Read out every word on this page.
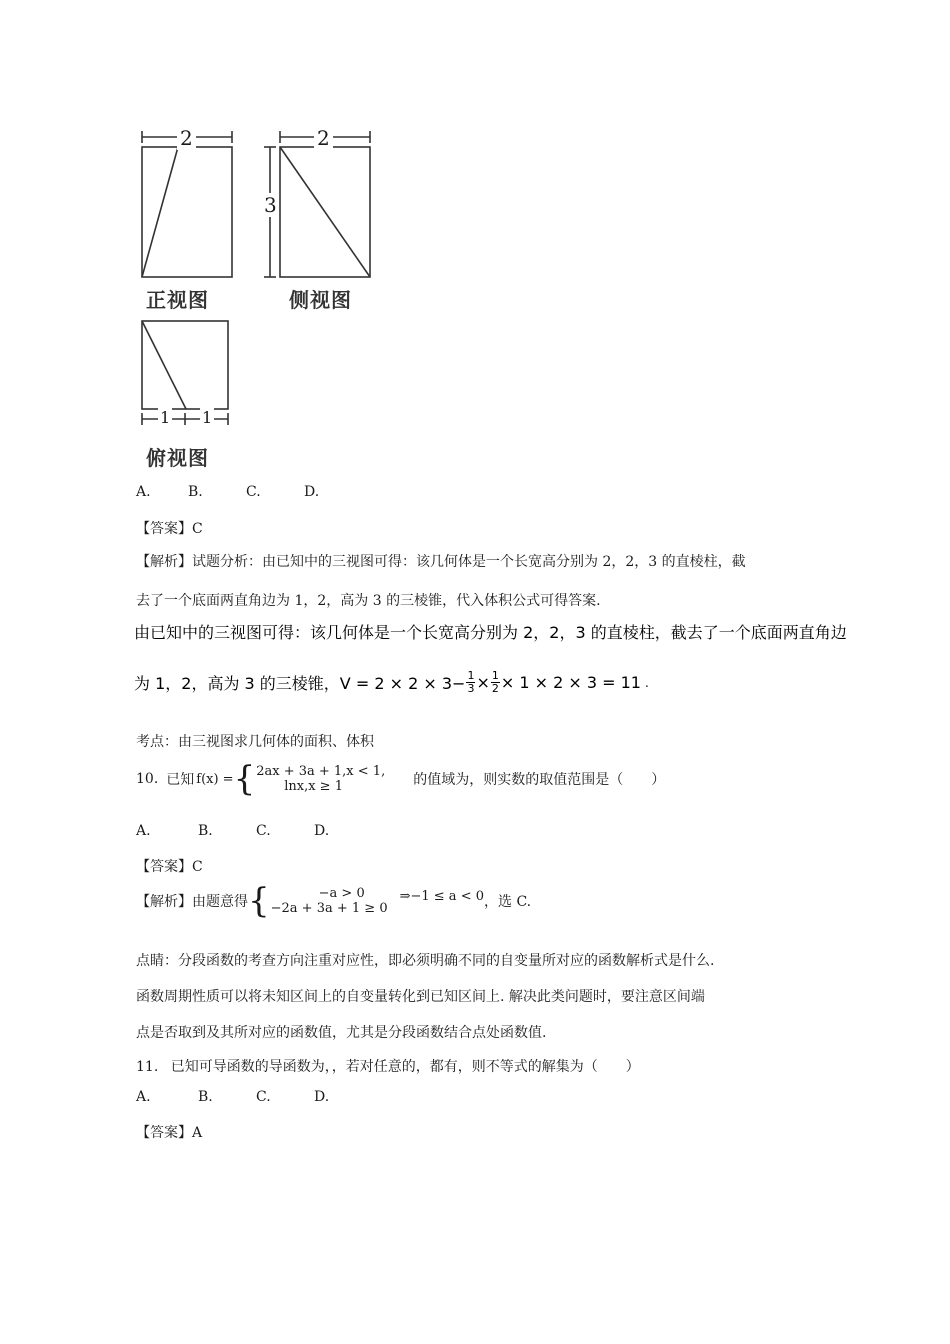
2	2
3
1 1
正视图	侧视图
俯视图
A.	B.	C.	D.
【答案】C
【解析】试题分析：由已知中的三视图可得：该几何体是一个长宽高分别为 2，2，3 的直棱柱，截
去了一个底面两直角边为 1，2，高为 3 的三棱锥，代入体积公式可得答案.
由已知中的三视图可得：该几何体是一个长宽高分别为 2，2，3 的直棱柱，截去了一个底面两直角边
为 1，2，高为 3 的三棱锥，$V = 2 \times 2 \times 3- \frac{1}{3} \times \frac{1}{2} \times 1 \times 2 \times 3 = 11$ .
考点：由三视图求几何体的面积、体积
10. 已知 f(x) = { 2ax + 3a + 1,x < 1,
lnx,x ≥ 1	的值域为，则实数的取值范围是（　　）
A.	B.	C.	D.
【答案】C
【解析】 由题意得 {	−a > 0
−2a + 3a + 1 ≥ 0
⇒−1 ≤ a < 0 ，选 C.
点睛：分段函数的考查方向注重对应性，即必须明确不同的自变量所对应的函数解析式是什么.
函数周期性质可以将未知区间上的自变量转化到已知区间上. 解决此类问题时，要注意区间端
点是否取到及其所对应的函数值，尤其是分段函数结合点处函数值.
11. 已知可导函数的导函数为，，若对任意的，都有，则不等式的解集为（　　）
A.	B.	C.	D.
【答案】A
